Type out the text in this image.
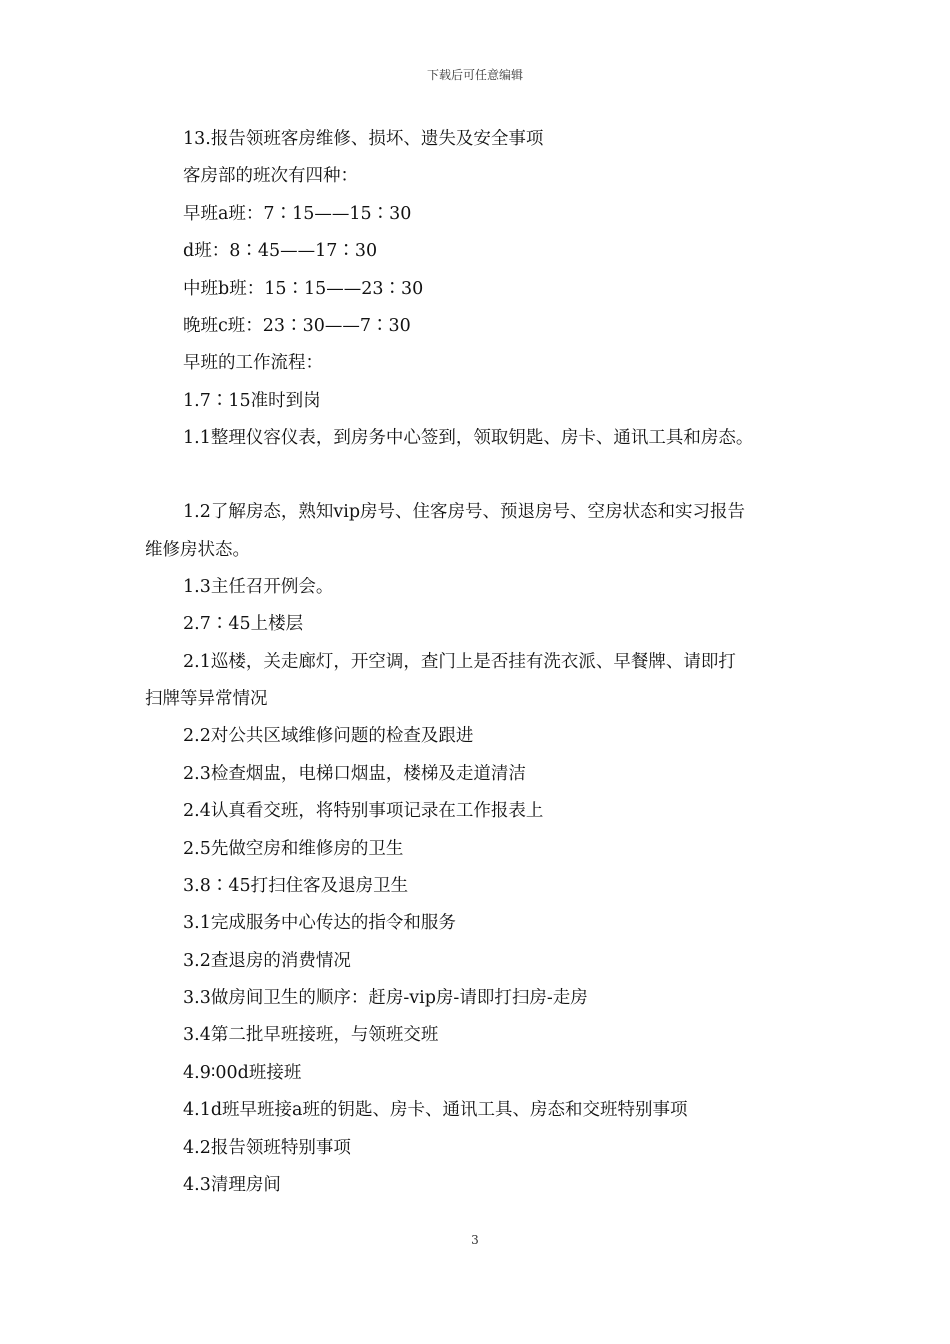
下载后可任意编辑
13.报告领班客房维修、损坏、遗失及安全事项
客房部的班次有四种：
早班a班：7∶15——15∶30
d班：8∶45——17∶30
中班b班：15∶15——23∶30
晚班c班：23∶30——7∶30
早班的工作流程：
1.7∶15准时到岗
1.1整理仪容仪表，到房务中心签到，领取钥匙、房卡、通讯工具和房态。
1.2了解房态，熟知vip房号、住客房号、预退房号、空房状态和实习报告
维修房状态。
1.3主任召开例会。
2.7∶45上楼层
2.1巡楼，关走廊灯，开空调，查门上是否挂有洗衣派、早餐牌、请即打
扫牌等异常情况
2.2对公共区域维修问题的检查及跟进
2.3检查烟盅，电梯口烟盅，楼梯及走道清洁
2.4认真看交班，将特别事项记录在工作报表上
2.5先做空房和维修房的卫生
3.8∶45打扫住客及退房卫生
3.1完成服务中心传达的指令和服务
3.2查退房的消费情况
3.3做房间卫生的顺序：赶房-vip房-请即打扫房-走房
3.4第二批早班接班，与领班交班
4.9∶00d班接班
4.1d班早班接a班的钥匙、房卡、通讯工具、房态和交班特别事项
4.2报告领班特别事项
4.3清理房间
3
